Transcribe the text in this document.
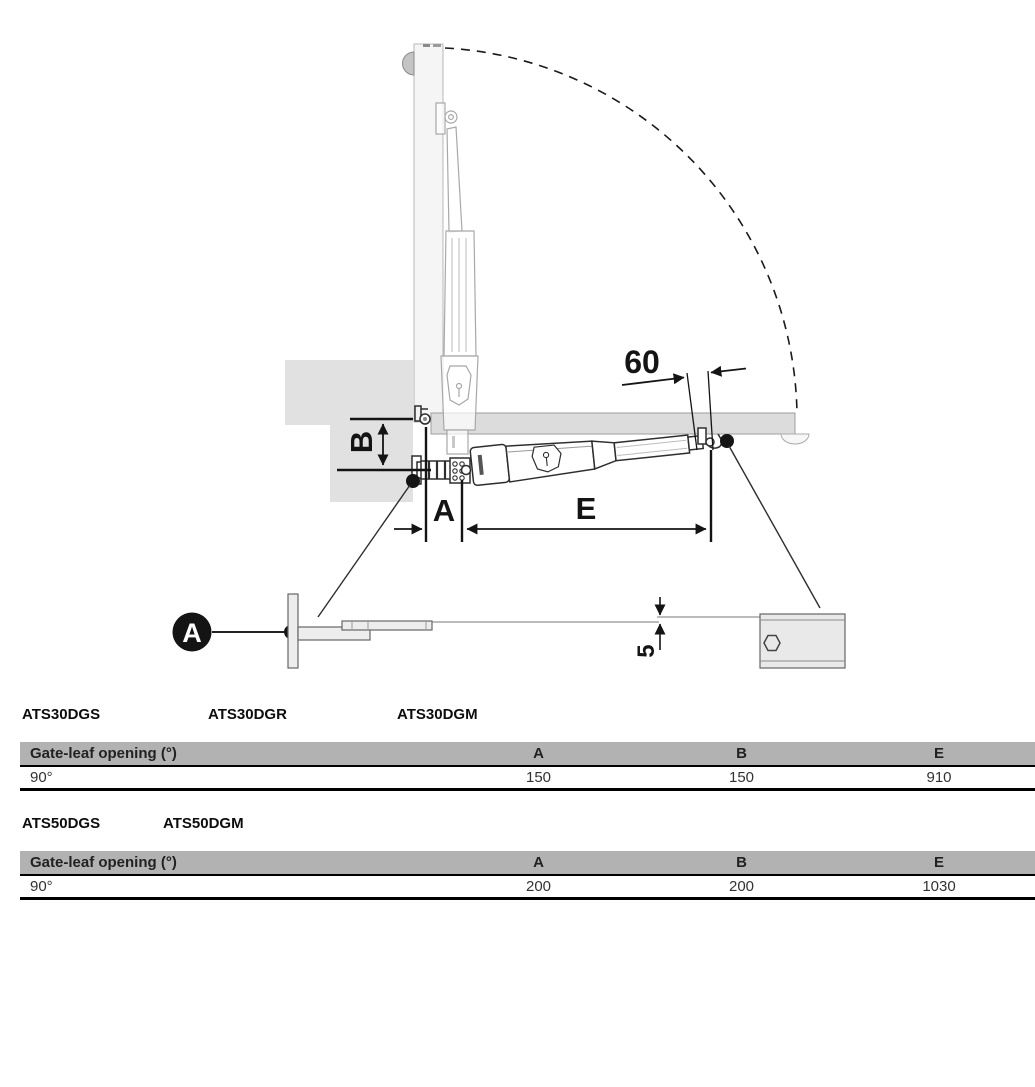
B
60
A	E
A
5
ATS30DGS	ATS30DGR	ATS30DGM
Gate-leaf opening (°)	A	B	E
90°	150	150	910
ATS50DGS	ATS50DGM
Gate-leaf opening (°)	A	B	E
90°	200	200	1030
